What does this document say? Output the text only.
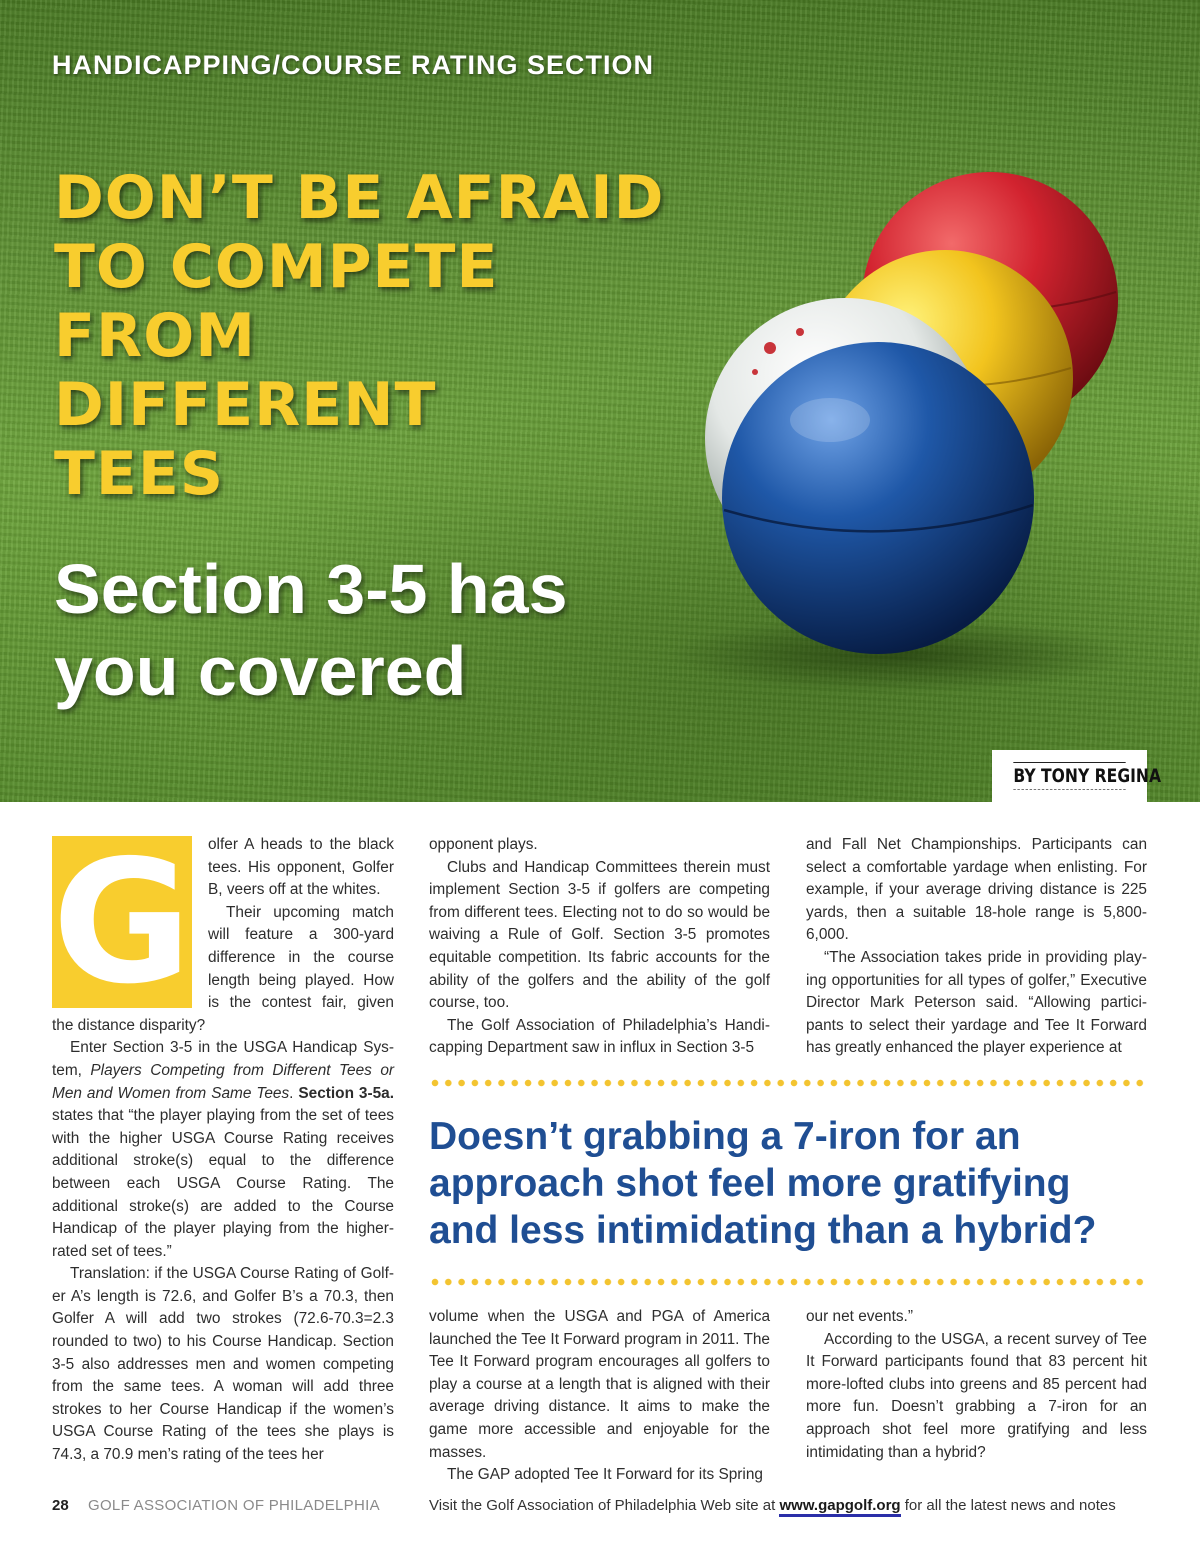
HANDICAPPING/COURSE RATING SECTION
DON’T BE AFRAID
TO COMPETE
FROM
DIFFERENT
TEES
Section 3-5 has
you covered
BY TONY REGINA
G	olfer A heads to the black tees. His opponent, Golfer B, veers off at the whites.

Their upcoming match will feature a 300-yard difference in the course length being played. How is the contest fair, given the distance disparity?

Enter Section 3-5 in the USGA Handicap System, Players Competing from Different Tees or Men and Women from Same Tees. Section 3-5a. states that “the player playing from the set of tees with the higher USGA Course Rating receives additional stroke(s) equal to the difference between each USGA Course Rating. The additional stroke(s) are added to the Course Handicap of the player playing from the higher-rated set of tees.”

Translation: if the USGA Course Rating of Golfer A’s length is 72.6, and Golfer B’s a 70.3, then Golfer A will add two strokes (72.6-70.3=2.3 rounded to two) to his Course Handicap. Section 3-5 also addresses men and women competing from the same tees. A woman will add three strokes to her Course Handicap if the women’s USGA Course Rating of the tees she plays is 74.3, a 70.9 men’s rating of the tees her

opponent plays.

Clubs and Handicap Committees therein must implement Section 3-5 if golfers are competing from different tees. Electing not to do so would be waiving a Rule of Golf. Section 3-5 promotes equitable competition. Its fabric accounts for the ability of the golfers and the ability of the golf course, too.

The Golf Association of Philadelphia’s Handicapping Department saw in influx in Section 3-5

and Fall Net Championships. Participants can select a comfortable yardage when enlisting. For example, if your average driving distance is 225 yards, then a suitable 18-hole range is 5,800-6,000.

“The Association takes pride in providing playing opportunities for all types of golfer,” Executive Director Mark Peterson said. “Allowing participants to select their yardage and Tee It Forward has greatly enhanced the player experience at

Doesn’t grabbing a 7-iron for an
approach shot feel more gratifying
and less intimidating than a hybrid?

volume when the USGA and PGA of America launched the Tee It Forward program in 2011. The Tee It Forward program encourages all golfers to play a course at a length that is aligned with their average driving distance. It aims to make the game more accessible and enjoyable for the masses.

The GAP adopted Tee It Forward for its Spring

our net events.”

According to the USGA, a recent survey of Tee It Forward participants found that 83 percent hit more-lofted clubs into greens and 85 percent had more fun. Doesn’t grabbing a 7-iron for an approach shot feel more gratifying and less intimidating than a hybrid?

28 GOLF ASSOCIATION OF PHILADELPHIA	Visit the Golf Association of Philadelphia Web site at www.gapgolf.org for all the latest news and notes
